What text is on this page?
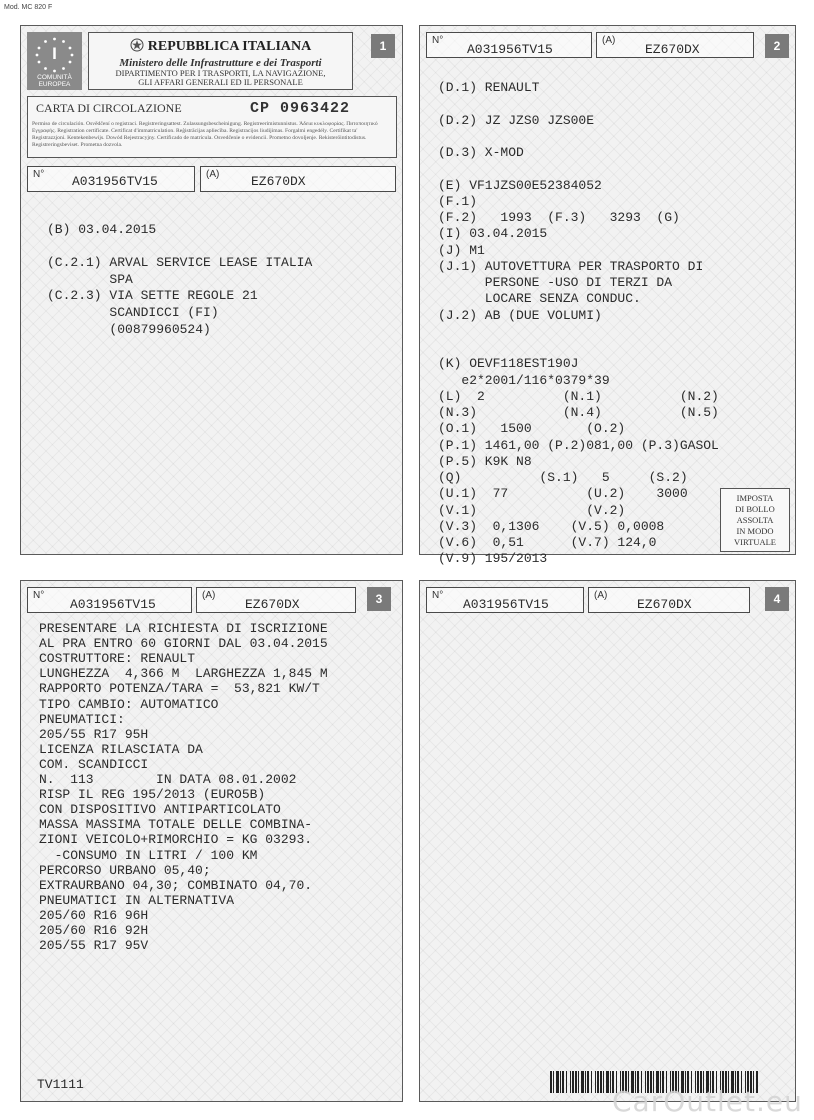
Mod. MC 820 F
I
COMUNITÀ EUROPEA
REPUBBLICA ITALIANA
Ministero delle Infrastrutture e dei Trasporti
DIPARTIMENTO PER I TRASPORTI, LA NAVIGAZIONE,
GLI AFFARI GENERALI ED IL PERSONALE
1
CARTA DI CIRCOLAZIONE	CP 0963422
Permiso de circulación. Osvědčení o registraci. Registreringsattest. Zulassungsbescheinigung. Registreerimistunnistus. Άδεια κυκλοφορίας. Πиτοποιητικό Εγγραφής. Registration certificate. Certificat d'immatriculation. Reģistrācijas apliecība. Registracijos liudijimas. Forgalmi engedély. Certifikat ta' Registrazzjoni. Kentekenbewijs. Dowód Rejestracyjny. Certificado de matrícula. Osvedčenie o evidencii. Prometno dovoljenje. Rekisteröintitodistus. Registreringsbeviset. Prometna dozvola.
N° A031956TV15	(A) EZ670DX
(B) 03.04.2015
(C.2.1) ARVAL SERVICE LEASE ITALIA
SPA
(C.2.3) VIA SETTE REGOLE 21
SCANDICCI (FI)
(00879960524)
N°
A031956TV15
(A)
EZ670DX	2
(D.1) RENAULT
(D.2) JZ JZS0 JZS00E
(D.3) X-MOD
(E) VF1JZS00E52384052
(F.1)
(F.2)   1993  (F.3)   3293  (G)
(I) 03.04.2015
(J) M1
(J.1) AUTOVETTURA PER TRASPORTO DI
PERSONE -USO DI TERZI DA
LOCARE SENZA CONDUC.
(J.2) AB (DUE VOLUMI)
(K) OEVF118EST190J
e2*2001/116*0379*39
(L)  2          (N.1)          (N.2)
(N.3)           (N.4)          (N.5)
(O.1)   1500       (O.2)
(P.1) 1461,00 (P.2)081,00 (P.3)GASOL
(P.5) K9K N8
(Q)          (S.1)   5     (S.2)
(U.1)  77          (U.2)    3000
(V.1)              (V.2)
(V.3)  0,1306    (V.5) 0,0008
(V.6)  0,51      (V.7) 124,0
(V.9) 195/2013
IMPOSTA
DI BOLLO
ASSOLTA
IN MODO
VIRTUALE
N°
A031956TV15
(A)
EZ670DX	3
PRESENTARE LA RICHIESTA DI ISCRIZIONE
AL PRA ENTRO 60 GIORNI DAL 03.04.2015
COSTRUTTORE: RENAULT
LUNGHEZZA  4,366 M  LARGHEZZA 1,845 M
RAPPORTO POTENZA/TARA =  53,821 KW/T
TIPO CAMBIO: AUTOMATICO
PNEUMATICI:
205/55 R17 95H
LICENZA RILASCIATA DA
COM. SCANDICCI
N.  113        IN DATA 08.01.2002
RISP IL REG 195/2013 (EURO5B)
CON DISPOSITIVO ANTIPARTICOLATO
MASSA MASSIMA TOTALE DELLE COMBINA-
ZIONI VEICOLO+RIMORCHIO = KG 03293.
-CONSUMO IN LITRI / 100 KM
PERCORSO URBANO 05,40;
EXTRAURBANO 04,30; COMBINATO 04,70.
PNEUMATICI IN ALTERNATIVA
205/60 R16 96H
205/60 R16 92H
205/55 R17 95V
TV1111
N°
A031956TV15
(A)
EZ670DX	4
CarOutlet.eu
